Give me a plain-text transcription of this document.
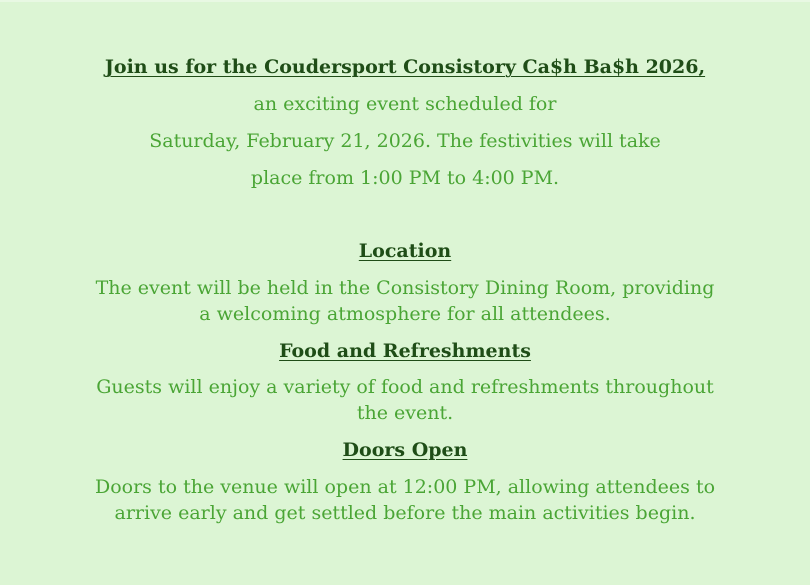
Join us for the Coudersport Consistory Ca$h Ba$h 2026,
an exciting event scheduled for
Saturday, February 21, 2026. The festivities will take
place from 1:00 PM to 4:00 PM.
Location
The event will be held in the Consistory Dining Room, providing a welcoming atmosphere for all attendees.
Food and Refreshments
Guests will enjoy a variety of food and refreshments throughout the event.
Doors Open
Doors to the venue will open at 12:00 PM, allowing attendees to arrive early and get settled before the main activities begin.
